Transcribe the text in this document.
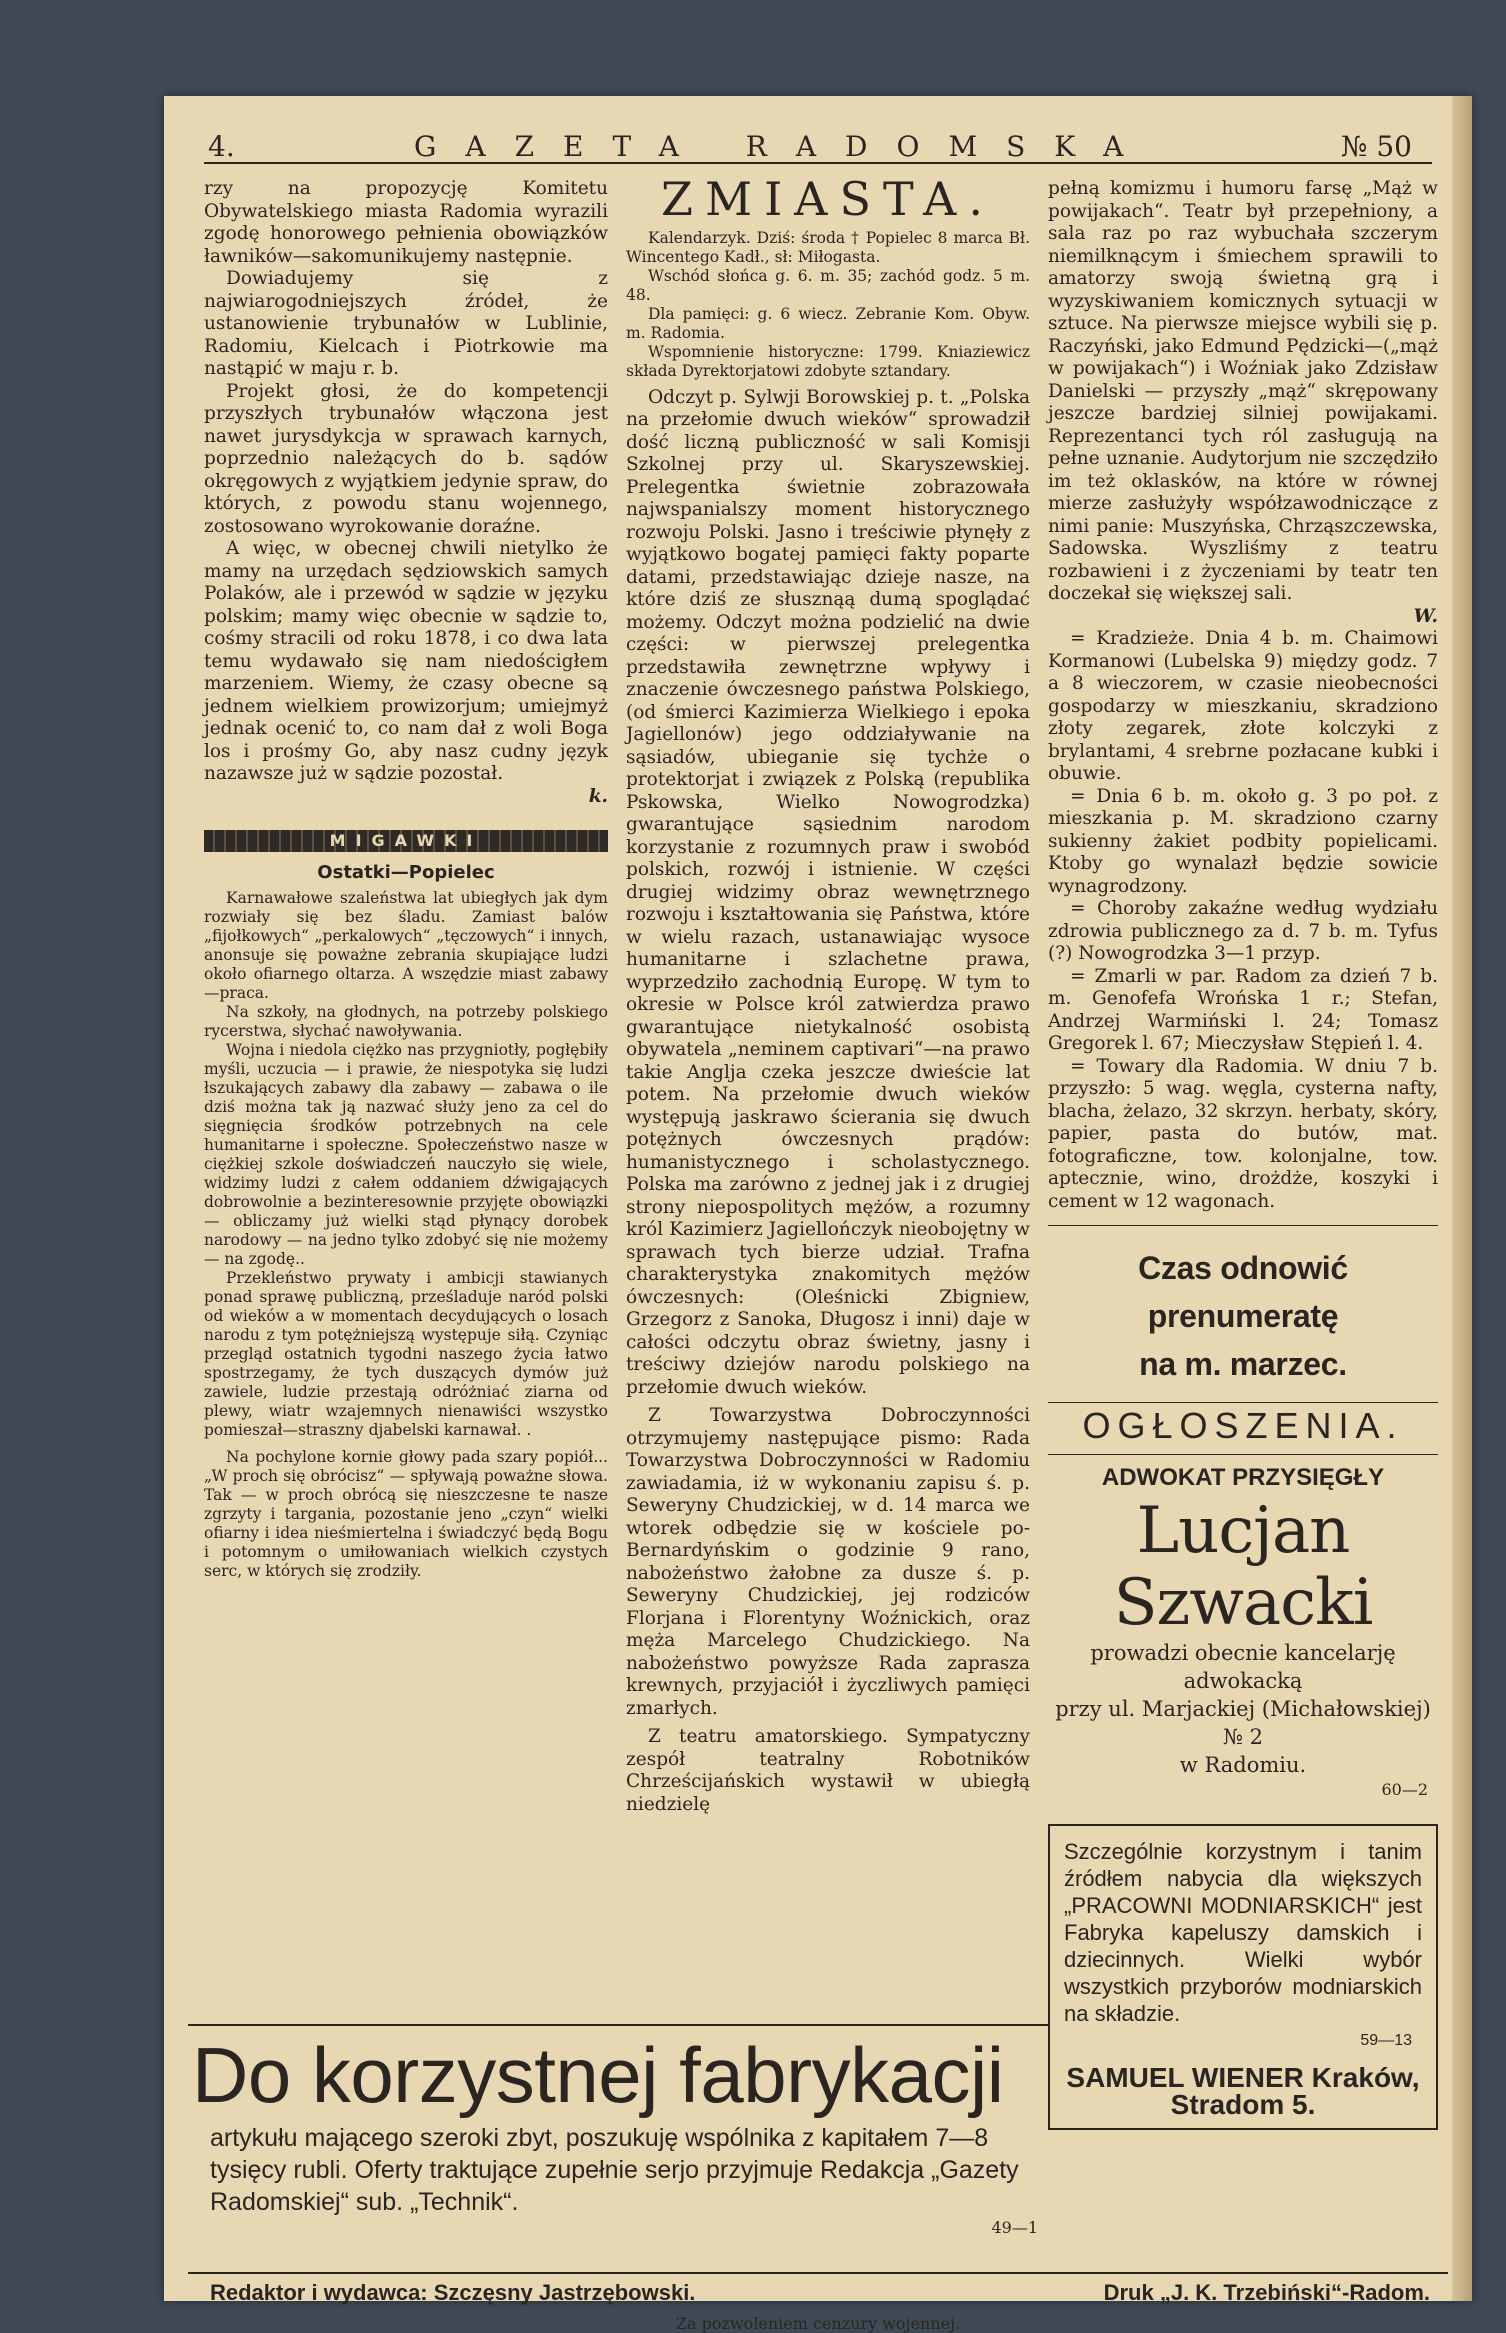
4.	GAZETA RADOMSKA	№ 50

rzy na propozycję Komitetu Obywatelskiego miasta Radomia wyrazili zgodę honorowego pełnienia obowiązków ławników—sakomunikujemy następnie.

Dowiadujemy się z najwiarogodniejszych źródeł, że ustanowienie trybunałów w Lublinie, Radomiu, Kielcach i Piotrkowie ma nastąpić w maju r. b.

Projekt głosi, że do kompetencji przyszłych trybunałów włączona jest nawet jurysdykcja w sprawach karnych, poprzednio należących do b. sądów okręgowych z wyjątkiem jedynie spraw, do których, z powodu stanu wojennego, zostosowano wyrokowanie doraźne.

A więc, w obecnej chwili nietylko że mamy na urzędach sędziowskich samych Polaków, ale i przewód w sądzie w języku polskim; mamy więc obecnie w sądzie to, cośmy stracili od roku 1878, i co dwa lata temu wydawało się nam niedościgłem marzeniem. Wiemy, że czasy obecne są jednem wielkiem prowizorjum; umiejmyż jednak ocenić to, co nam dał z woli Boga los i prośmy Go, aby nasz cudny język nazawsze już w sądzie pozostał.

k.
MIGAWKI
Ostatki—Popielec

Karnawałowe szaleństwa lat ubiegłych jak dym rozwiały się bez śladu. Zamiast balów „fijołkowych“ „perkalowych“ „tęczowych“ i innych, anonsuje się poważne zebrania skupiające ludzi około ofiarnego oltarza. A wszędzie miast zabawy—praca.

Na szkoły, na głodnych, na potrzeby polskiego rycerstwa, słychać nawoływania.

Wojna i niedola ciężko nas przygniotły, pogłębiły myśli, uczucia — i prawie, że niespotyka się ludzi łszukających zabawy dla zabawy — zabawa o ile dziś można tak ją nazwać służy jeno za cel do sięgnięcia środków potrzebnych na cele humanitarne i społeczne. Społeczeństwo nasze w ciężkiej szkole doświadczeń nauczyło się wiele, widzimy ludzi z całem oddaniem dźwigających dobrowolnie a bezinteresownie przyjęte obowiązki — obliczamy już wielki stąd płynący dorobek narodowy — na jedno tylko zdobyć się nie możemy — na zgodę..

Przekleństwo prywaty i ambicji stawianych ponad sprawę publiczną, prześladuje naród polski od wieków a w momentach decydujących o losach narodu z tym potężniejszą występuje siłą. Czyniąc przegląd ostatnich tygodni naszego życia łatwo spostrzegamy, że tych duszących dymów już zawiele, ludzie przestają odróżniać ziarna od plewy, wiatr wzajemnych nienawiści wszystko pomieszał—straszny djabelski karnawał. .

Na pochylone kornie głowy pada szary popiół... „W proch się obrócisz“ — spływają poważne słowa. Tak — w proch obrócą się nieszczesne te nasze zgrzyty i targania, pozostanie jeno „czyn“ wielki ofiarny i idea nieśmiertelna i świadczyć będą Bogu i potomnym o umiłowaniach wielkich czystych serc, w których się zrodziły.

ZMIASTA.

Kalendarzyk. Dziś: środa † Popielec 8 marca Bł. Wincentego Kadł., sł: Miłogasta.

Wschód słońca g. 6. m. 35; zachód godz. 5 m. 48.

Dla pamięci: g. 6 wiecz. Zebranie Kom. Obyw. m. Radomia.

Wspomnienie historyczne: 1799. Kniaziewicz składa Dyrektorjatowi zdobyte sztandary.

Odczyt p. Sylwji Borowskiej p. t. „Polska na przełomie dwuch wieków“ sprowadził dość liczną publiczność w sali Komisji Szkolnej przy ul. Skaryszewskiej. Prelegentka świetnie zobrazowała najwspanialszy moment historycznego rozwoju Polski. Jasno i treściwie płynęły z wyjątkowo bogatej pamięci fakty poparte datami, przedstawiając dzieje nasze, na które dziś ze słusznąą dumą spoglądać możemy. Odczyt można podzielić na dwie części: w pierwszej prelegentka przedstawiła zewnętrzne wpływy i znaczenie ówczesnego państwa Polskiego, (od śmierci Kazimierza Wielkiego i epoka Jagiellonów) jego oddziaływanie na sąsiadów, ubieganie się tychże o protektorjat i związek z Polską (republika Pskowska, Wielko Nowogrodzka) gwarantujące sąsiednim narodom korzystanie z rozumnych praw i swobód polskich, rozwój i istnienie. W części drugiej widzimy obraz wewnętrznego rozwoju i kształtowania się Państwa, które w wielu razach, ustanawiając wysoce humanitarne i szlachetne prawa, wyprzedziło zachodnią Europę. W tym to okresie w Polsce król zatwierdza prawo gwarantujące nietykalność osobistą obywatela „neminem captivari“—na prawo takie Anglja czeka jeszcze dwieście lat potem. Na przełomie dwuch wieków występują jaskrawo ścierania się dwuch potężnych ówczesnych prądów: humanistycznego i scholastycznego. Polska ma zarówno z jednej jak i z drugiej strony niepospolitych mężów, a rozumny król Kazimierz Jagiellończyk nieobojętny w sprawach tych bierze udział. Trafna charakterystyka znakomitych mężów ówczesnych: (Oleśnicki Zbigniew, Grzegorz z Sanoka, Długosz i inni) daje w całości odczytu obraz świetny, jasny i treściwy dziejów narodu polskiego na przełomie dwuch wieków.

Z Towarzystwa Dobroczynności otrzymujemy następujące pismo: Rada Towarzystwa Dobroczynności w Radomiu zawiadamia, iż w wykonaniu zapisu ś. p. Seweryny Chudzickiej, w d. 14 marca we wtorek odbędzie się w kościele po-Bernardyńskim o godzinie 9 rano, nabożeństwo żałobne za dusze ś. p. Seweryny Chudzickiej, jej rodziców Florjana i Florentyny Woźnickich, oraz męża Marcelego Chudzickiego. Na nabożeństwo powyższe Rada zaprasza krewnych, przyjaciół i życzliwych pamięci zmarłych.

Z teatru amatorskiego. Sympatyczny zespół teatralny Robotników Chrześcijańskich wystawił w ubiegłą niedzielę

pełną komizmu i humoru farsę „Mąż w powijakach“. Teatr był przepełniony, a sala raz po raz wybuchała szczerym niemilknącym i śmiechem sprawili to amatorzy swoją świetną grą i wyzyskiwaniem komicznych sytuacji w sztuce. Na pierwsze miejsce wybili się p. Raczyński, jako Edmund Pędzicki—(„mąż w powijakach“) i Woźniak jako Zdzisław Danielski — przyszły „mąż“ skrępowany jeszcze bardziej silniej powijakami. Reprezentanci tych ról zasługują na pełne uznanie. Audytorjum nie szczędziło im też oklasków, na które w równej mierze zasłużyły współzawodniczące z nimi panie: Muszyńska, Chrząszczewska, Sadowska. Wyszliśmy z teatru rozbawieni i z życzeniami by teatr ten doczekał się większej sali.

W.

= Kradzieże. Dnia 4 b. m. Chaimowi Kormanowi (Lubelska 9) między godz. 7 a 8 wieczorem, w czasie nieobecności gospodarzy w mieszkaniu, skradziono złoty zegarek, złote kolczyki z brylantami, 4 srebrne pozłacane kubki i obuwie.

= Dnia 6 b. m. około g. 3 po poł. z mieszkania p. M. skradziono czarny sukienny żakiet podbity popielicami. Ktoby go wynalazł będzie sowicie wynagrodzony.

= Choroby zakaźne według wydziału zdrowia publicznego za d. 7 b. m. Tyfus (?) Nowogrodzka 3—1 przyp.

= Zmarli w par. Radom za dzień 7 b. m. Genofefa Wrońska 1 r.; Stefan, Andrzej Warmiński l. 24; Tomasz Gregorek l. 67; Mieczysław Stępień l. 4.

= Towary dla Radomia. W dniu 7 b. przyszło: 5 wag. węgla, cysterna nafty, blacha, żelazo, 32 skrzyn. herbaty, skóry, papier, pasta do butów, mat. fotograficzne, tow. kolonjalne, tow. aptecznie, wino, drożdże, koszyki i cement w 12 wagonach.

Czas odnowić prenumeratę
na m. marzec.
OGŁOSZENIA.
ADWOKAT PRZYSIĘGŁY
Lucjan Szwacki
prowadzi obecnie kancelarję adwokacką
przy ul. Marjackiej (Michałowskiej) № 2
w Radomiu.
60—2
Szczególnie korzystnym i tanim źródłem nabycia dla większych „PRACOWNI MODNIARSKICH“ jest Fabryka kapeluszy damskich i dziecinnych. Wielki wybór wszystkich przyborów modniarskich na składzie.
59—13
SAMUEL WIENER Kraków, Stradom 5.
Do korzystnej fabrykacji
artykułu mającego szeroki zbyt, poszukuję wspólnika z kapitałem 7—8 tysięcy rubli. Oferty traktujące zupełnie serjo przyjmuje Redakcja „Gazety Radomskiej“ sub. „Technik“.
49—1
Redaktor i wydawca: Szczęsny Jastrzębowski.	Druk „J. K. Trzebiński“-Radom.
Za pozwoleniem cenzury wojennej.
